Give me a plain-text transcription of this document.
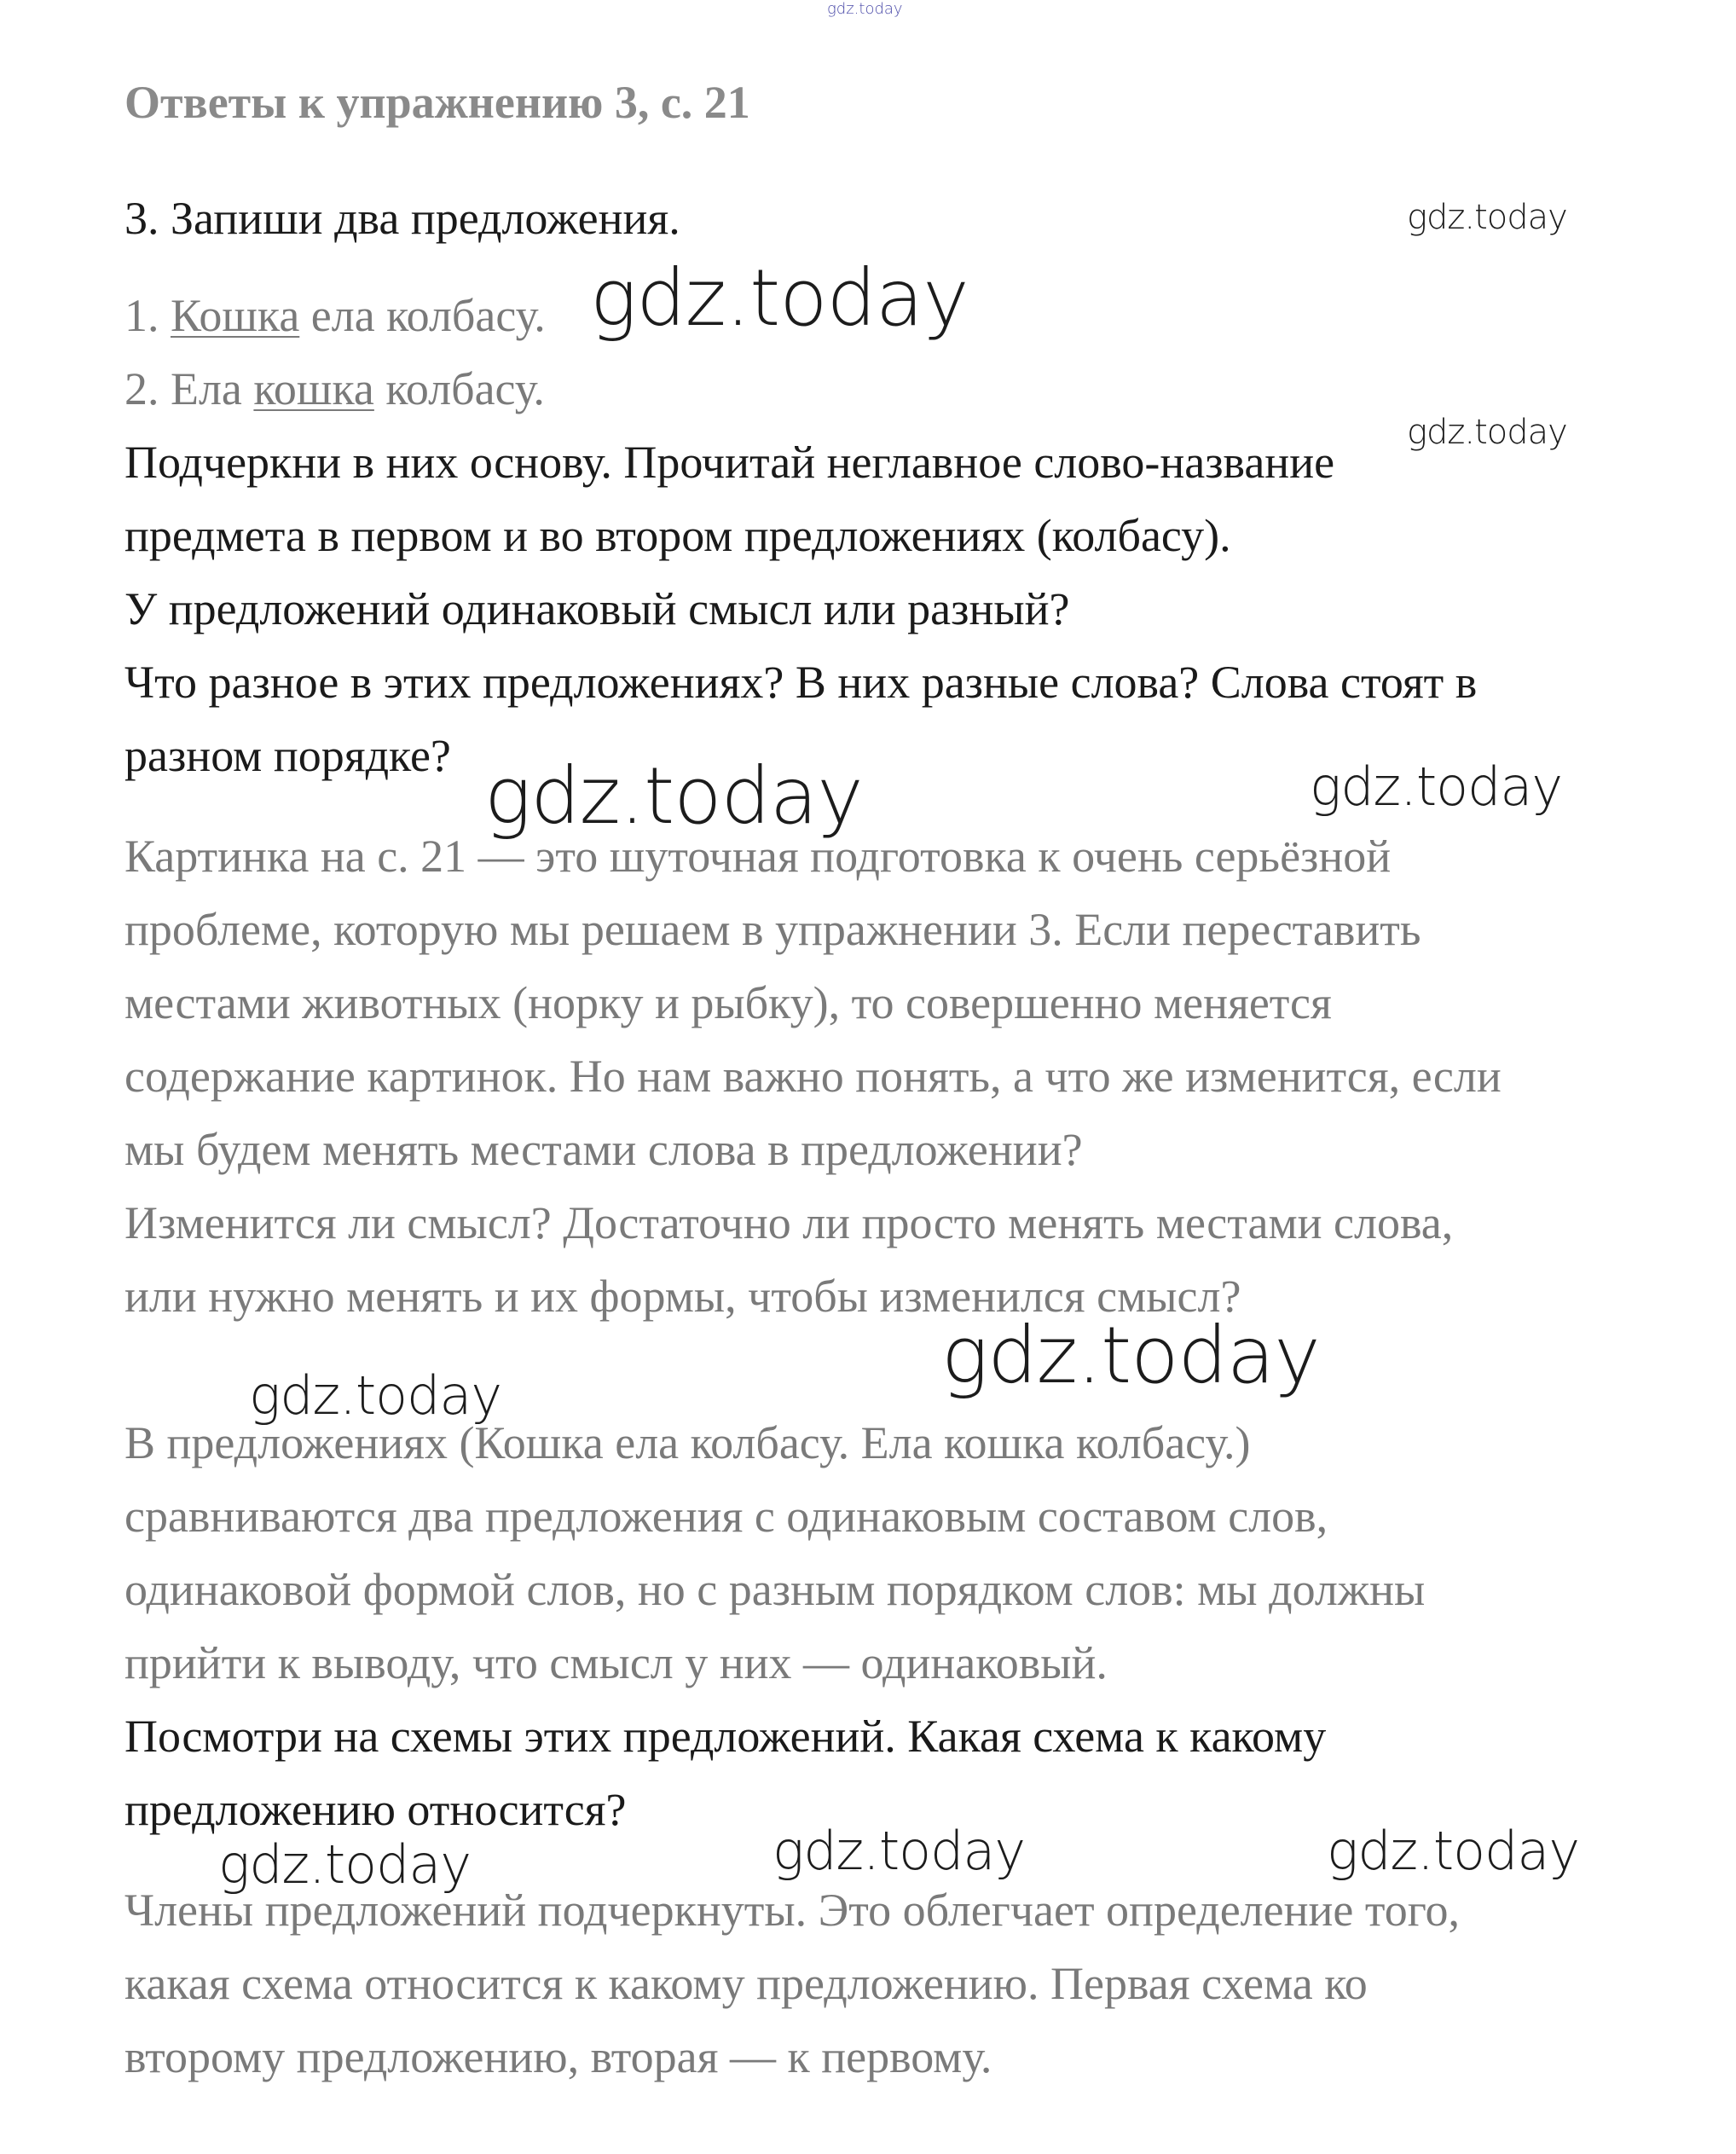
gdz.today

Ответы к упражнению 3, с. 21

3. Запиши два предложения.

1. Кошка ела колбасу.

2. Ела кошка колбасу.

Подчеркни в них основу. Прочитай неглавное слово-название

предмета в первом и во втором предложениях (колбасу).

У предложений одинаковый смысл или разный?

Что разное в этих предложениях? В них разные слова? Слова стоят в

разном порядке?

Картинка на с. 21 — это шуточная подготовка к очень серьёзной

проблеме, которую мы решаем в упражнении 3. Если переставить

местами животных (норку и рыбку), то совершенно меняется

содержание картинок. Но нам важно понять, а что же изменится, если

мы будем менять местами слова в предложении?

Изменится ли смысл? Достаточно ли просто менять местами слова,

или нужно менять и их формы, чтобы изменился смысл?

В предложениях (Кошка ела колбасу. Ела кошка колбасу.)

сравниваются два предложения с одинаковым составом слов,

одинаковой формой слов, но с разным порядком слов: мы должны

прийти к выводу, что смысл у них — одинаковый.

Посмотри на схемы этих предложений. Какая схема к какому

предложению относится?

Члены предложений подчеркнуты. Это облегчает определение того,

какая схема относится к какому предложению. Первая схема ко

второму предложению, вторая — к первому.

gdz.today
gdz.today
gdz.today
gdz.today	gdz.today
gdz.today
gdz.today
gdz.today	gdz.today	gdz.today
